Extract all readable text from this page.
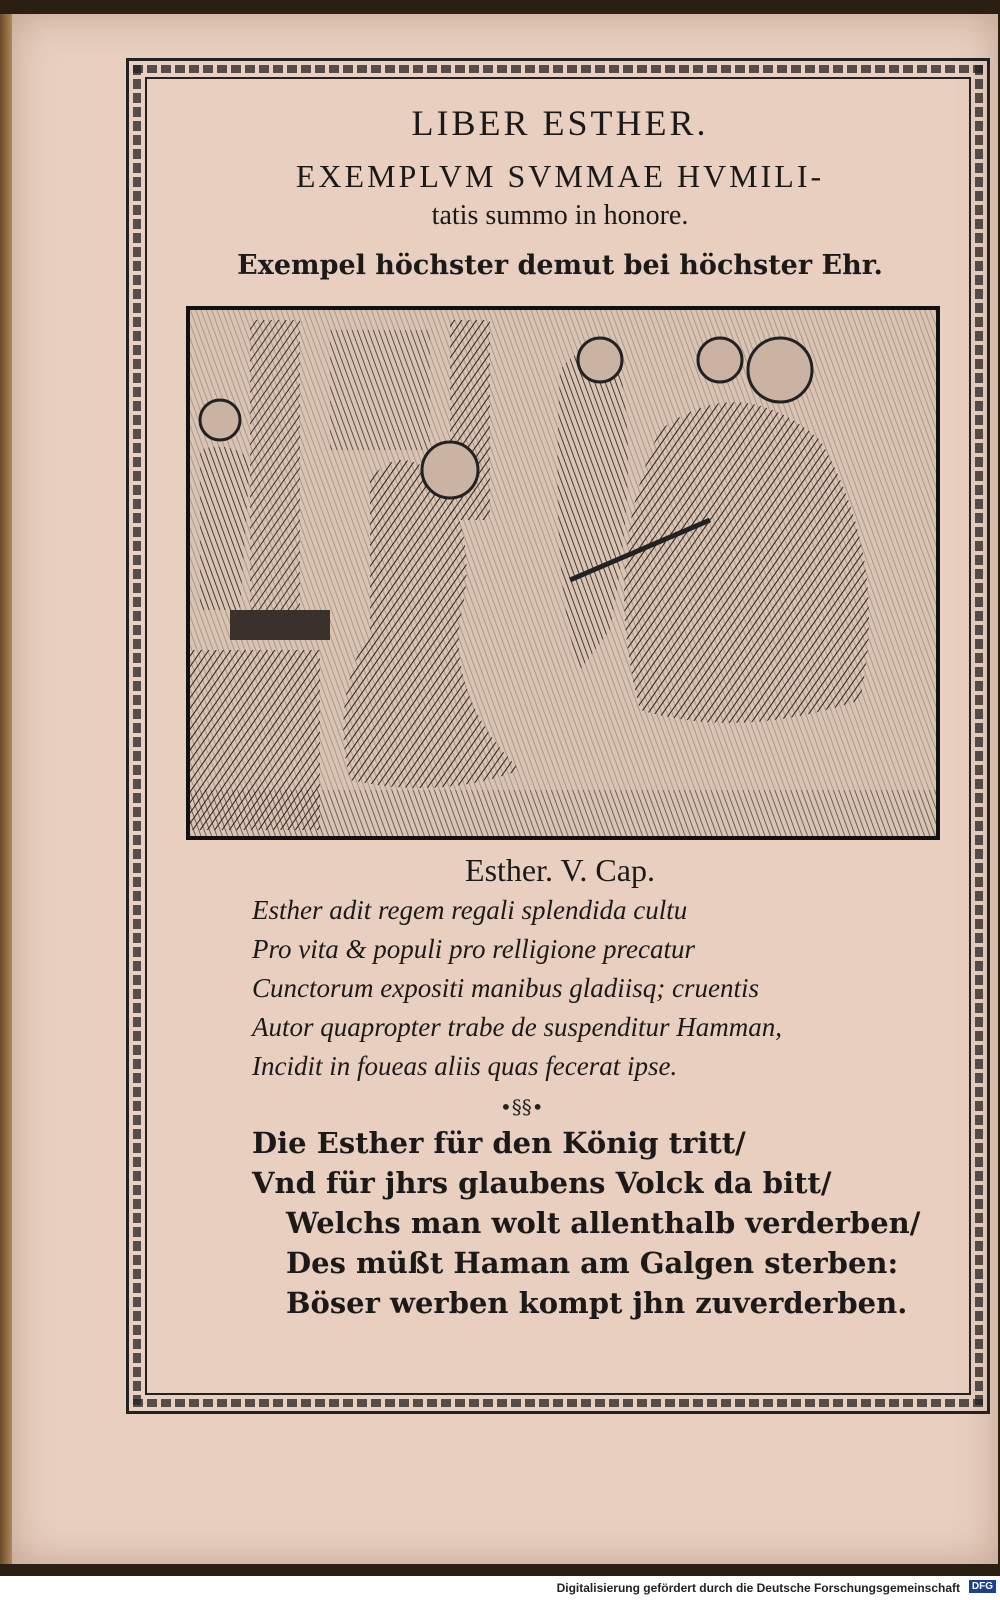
LIBER ESTHER.
EXEMPLVM SVMMAE HVMILI-
tatis summo in honore.
Exempel höchster demut bei höchster Ehr.
Esther. V. Cap.
Esther adit regem regali splendida cultu
Pro vita & populi pro relligione precatur
Cunctorum expositi manibus gladiisq; cruentis
Autor quapropter trabe de suspenditur Hamman,
Incidit in foueas aliis quas fecerat ipse.
•§§•
Die Esther für den König tritt/
Vnd für jhrs glaubens Volck da bitt/
Welchs man wolt allenthalb verderben/
Des müßt Haman am Galgen sterben:
Böser werben kompt jhn zuverderben.
Digitalisierung gefördert durch die Deutsche Forschungsgemeinschaft	DFG
